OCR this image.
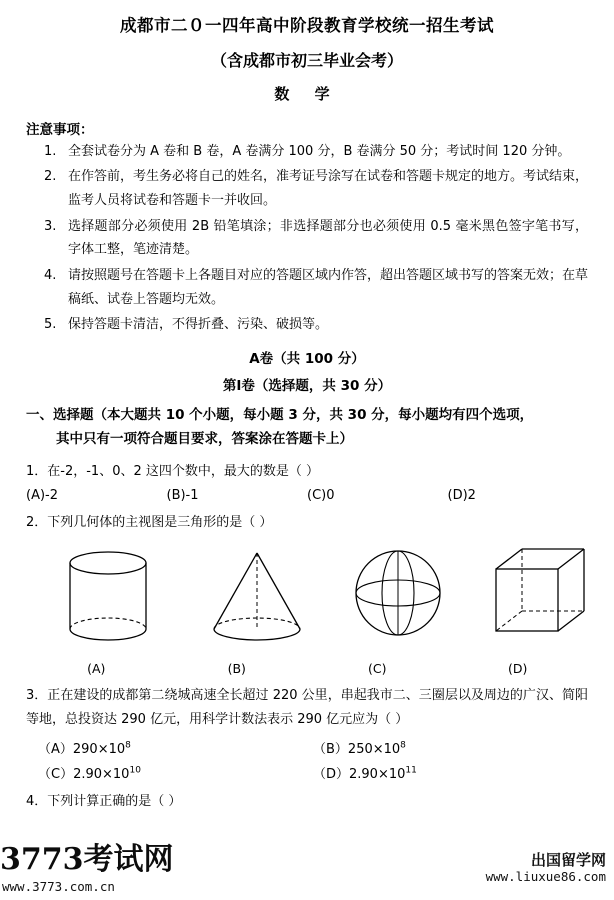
成都市二０一四年高中阶段教育学校统一招生考试
（含成都市初三毕业会考）
数 学
注意事项：
1. 全套试卷分为 A 卷和 B 卷，A 卷满分 100 分，B 卷满分 50 分；考试时间 120 分钟。
2. 在作答前，考生务必将自己的姓名，准考证号涂写在试卷和答题卡规定的地方。考试结束，监考人员将试卷和答题卡一并收回。
3. 选择题部分必须使用 2B 铅笔填涂；非选择题部分也必须使用 0.5 毫米黑色签字笔书写，字体工整，笔迹清楚。
4. 请按照题号在答题卡上各题目对应的答题区域内作答，超出答题区域书写的答案无效；在草稿纸、试卷上答题均无效。
5. 保持答题卡清洁，不得折叠、污染、破损等。
A卷（共 100 分）
第Ⅰ卷（选择题，共 30 分）
一、选择题（本大题共 10 个小题，每小题 3 分，共 30 分，每小题均有四个选项，
其中只有一项符合题目要求，答案涂在答题卡上）
1．在-2，-1、0、2 这四个数中，最大的数是（ ）
(A)-2	(B)-1	(C)0	(D)2
2．下列几何体的主视图是三角形的是（ ）
(A)	(B)	(C)	(D)
3．正在建设的成都第二绕城高速全长超过 220 公里，串起我市二、三圈层以及周边的广汉、简阳等地，总投资达 290 亿元，用科学计数法表示 290 亿元应为（ ）
$(A)290\times 10^8$	$(B)250\times 10^8$
$(C)2.90\times 10^{10}$	$(D)2.90\times 10^{11}$
4．下列计算正确的是（ ）
3773考试网
www.3773.com.cn
出国留学网
www.liuxue86.com
